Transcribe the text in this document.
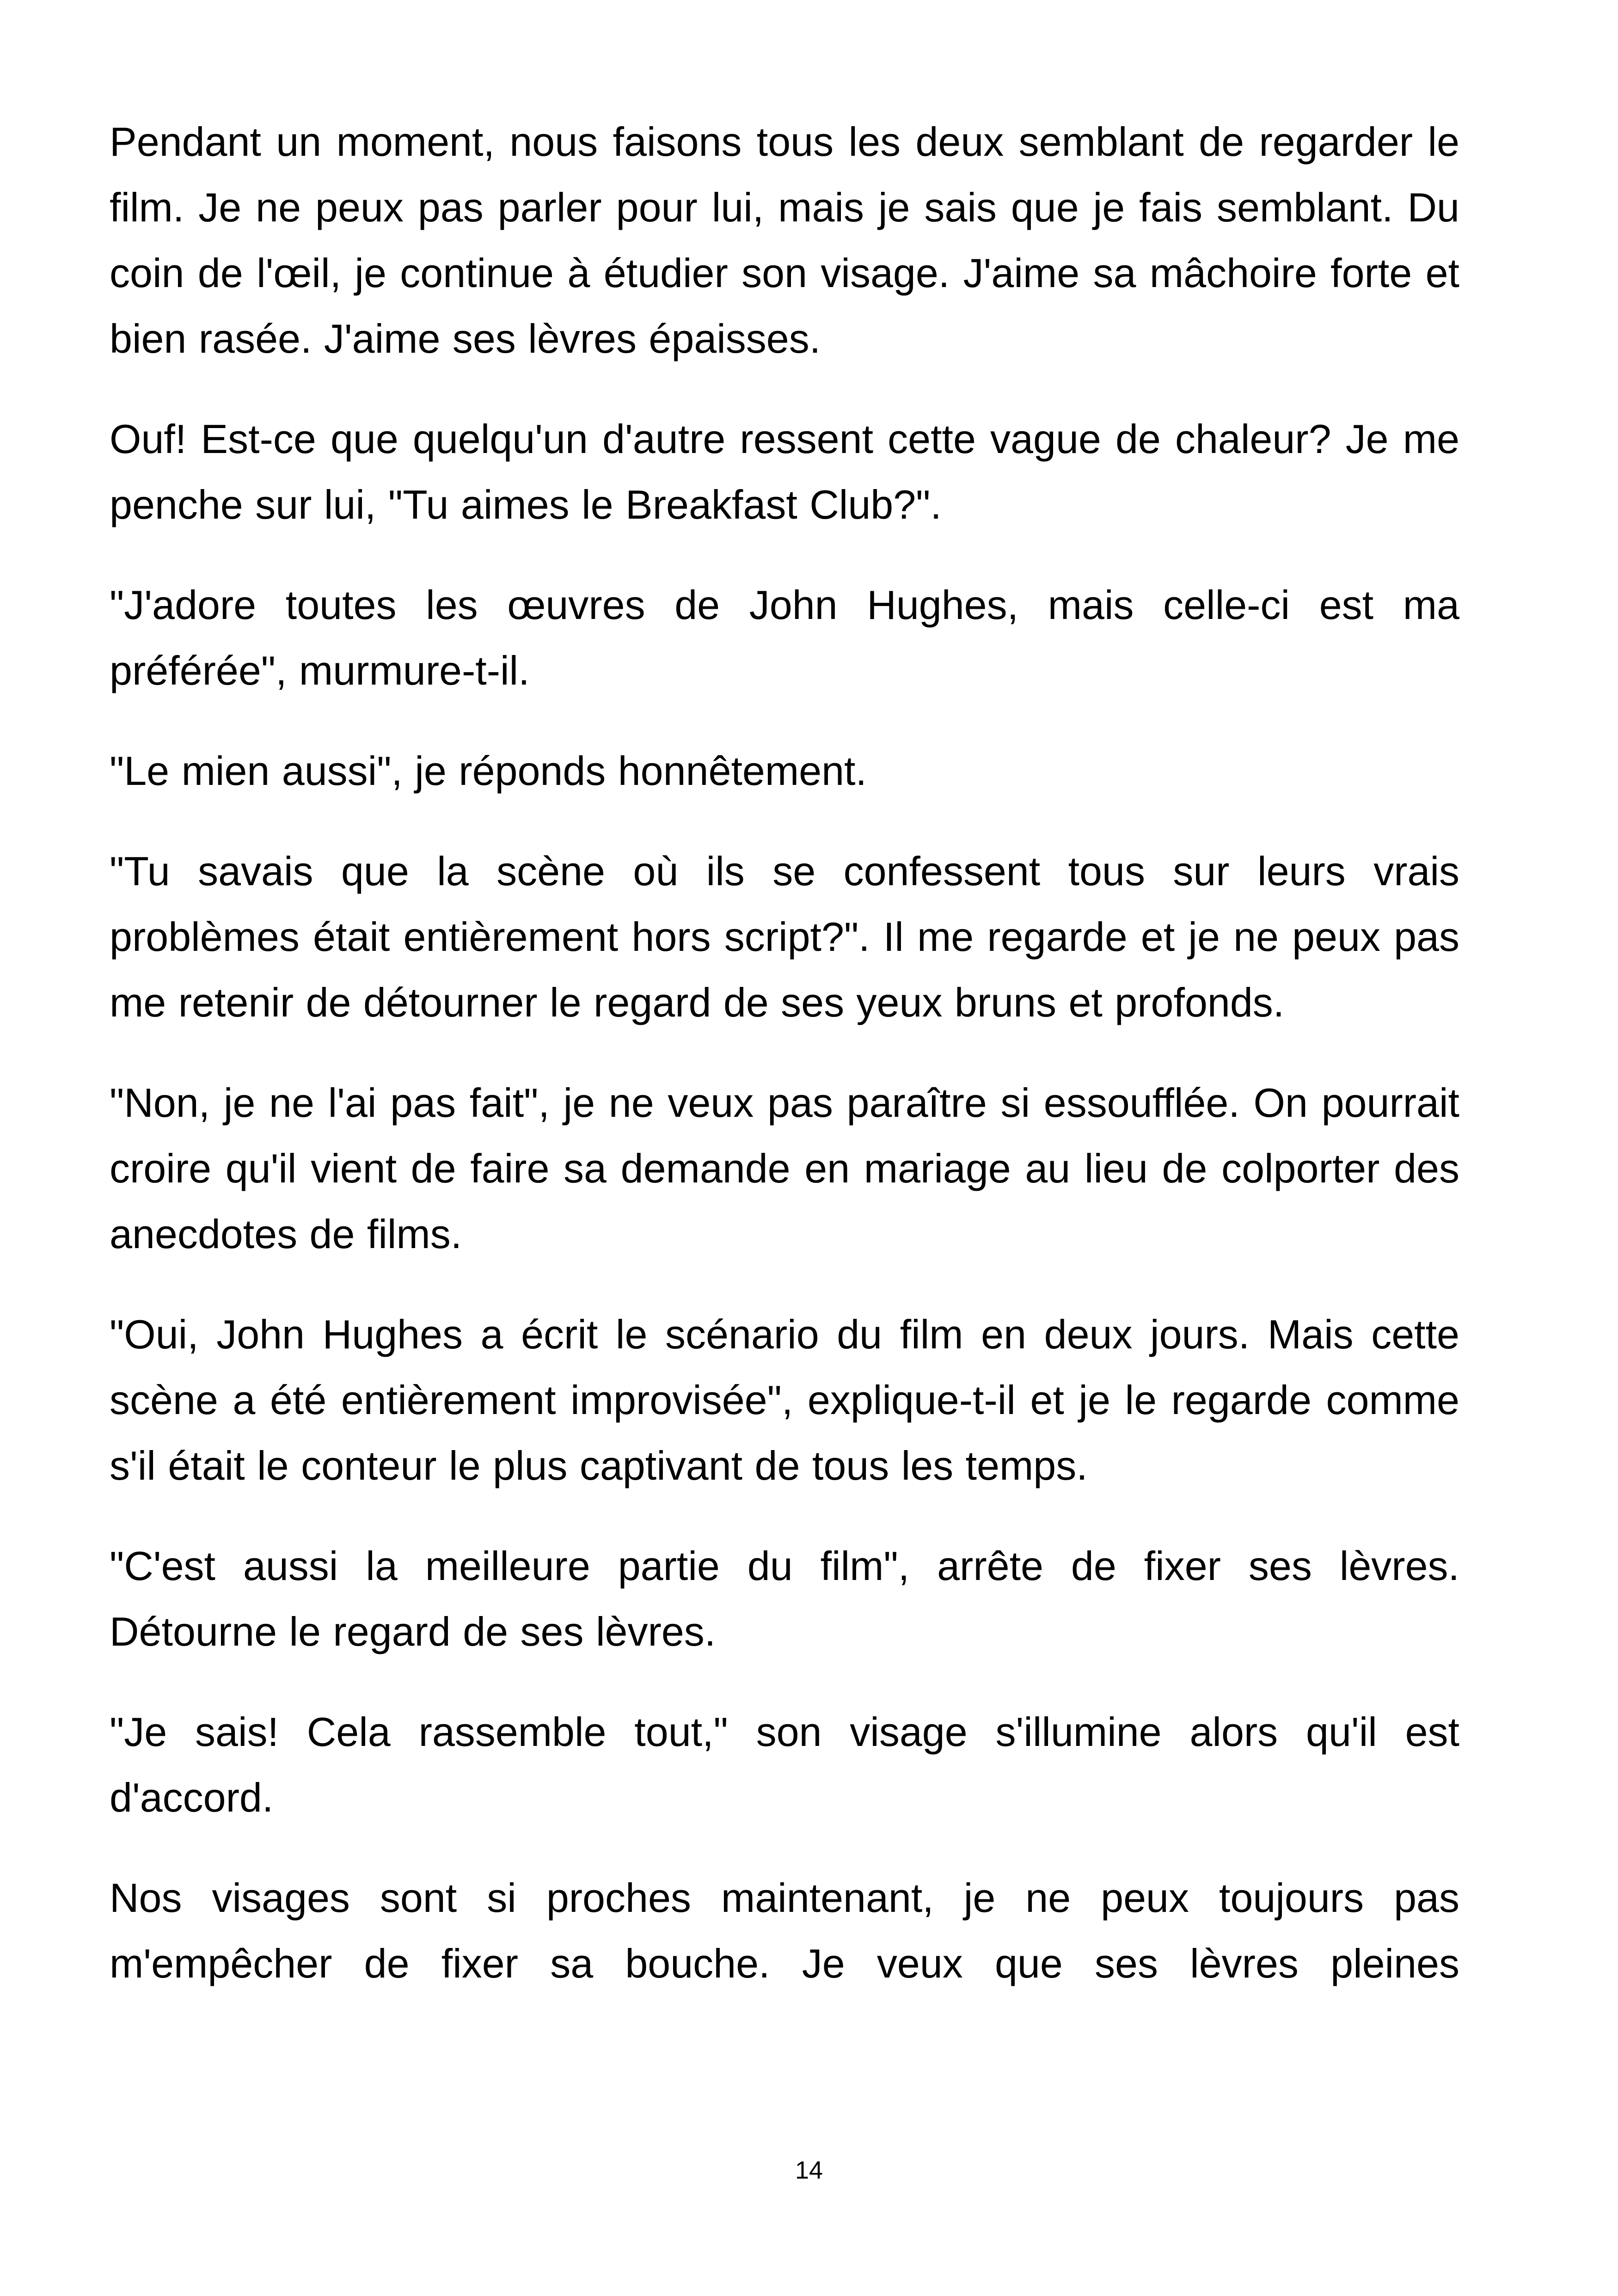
Pendant un moment, nous faisons tous les deux semblant de regarder le film. Je ne peux pas parler pour lui, mais je sais que je fais semblant. Du coin de l'œil, je continue à étudier son visage. J'aime sa mâchoire forte et bien rasée. J'aime ses lèvres épaisses.

Ouf! Est-ce que quelqu'un d'autre ressent cette vague de chaleur? Je me penche sur lui, "Tu aimes le Breakfast Club?".

"J'adore toutes les œuvres de John Hughes, mais celle-ci est ma préférée", murmure-t-il.

"Le mien aussi", je réponds honnêtement.

"Tu savais que la scène où ils se confessent tous sur leurs vrais problèmes était entièrement hors script?". Il me regarde et je ne peux pas me retenir de détourner le regard de ses yeux bruns et profonds.

"Non, je ne l'ai pas fait", je ne veux pas paraître si essoufflée. On pourrait croire qu'il vient de faire sa demande en mariage au lieu de colporter des anecdotes de films.

"Oui, John Hughes a écrit le scénario du film en deux jours. Mais cette scène a été entièrement improvisée", explique-t-il et je le regarde comme s'il était le conteur le plus captivant de tous les temps.

"C'est aussi la meilleure partie du film", arrête de fixer ses lèvres. Détourne le regard de ses lèvres.

"Je sais! Cela rassemble tout," son visage s'illumine alors qu'il est d'accord.

Nos visages sont si proches maintenant, je ne peux toujours pas m'empêcher de fixer sa bouche. Je veux que ses lèvres pleines

14
